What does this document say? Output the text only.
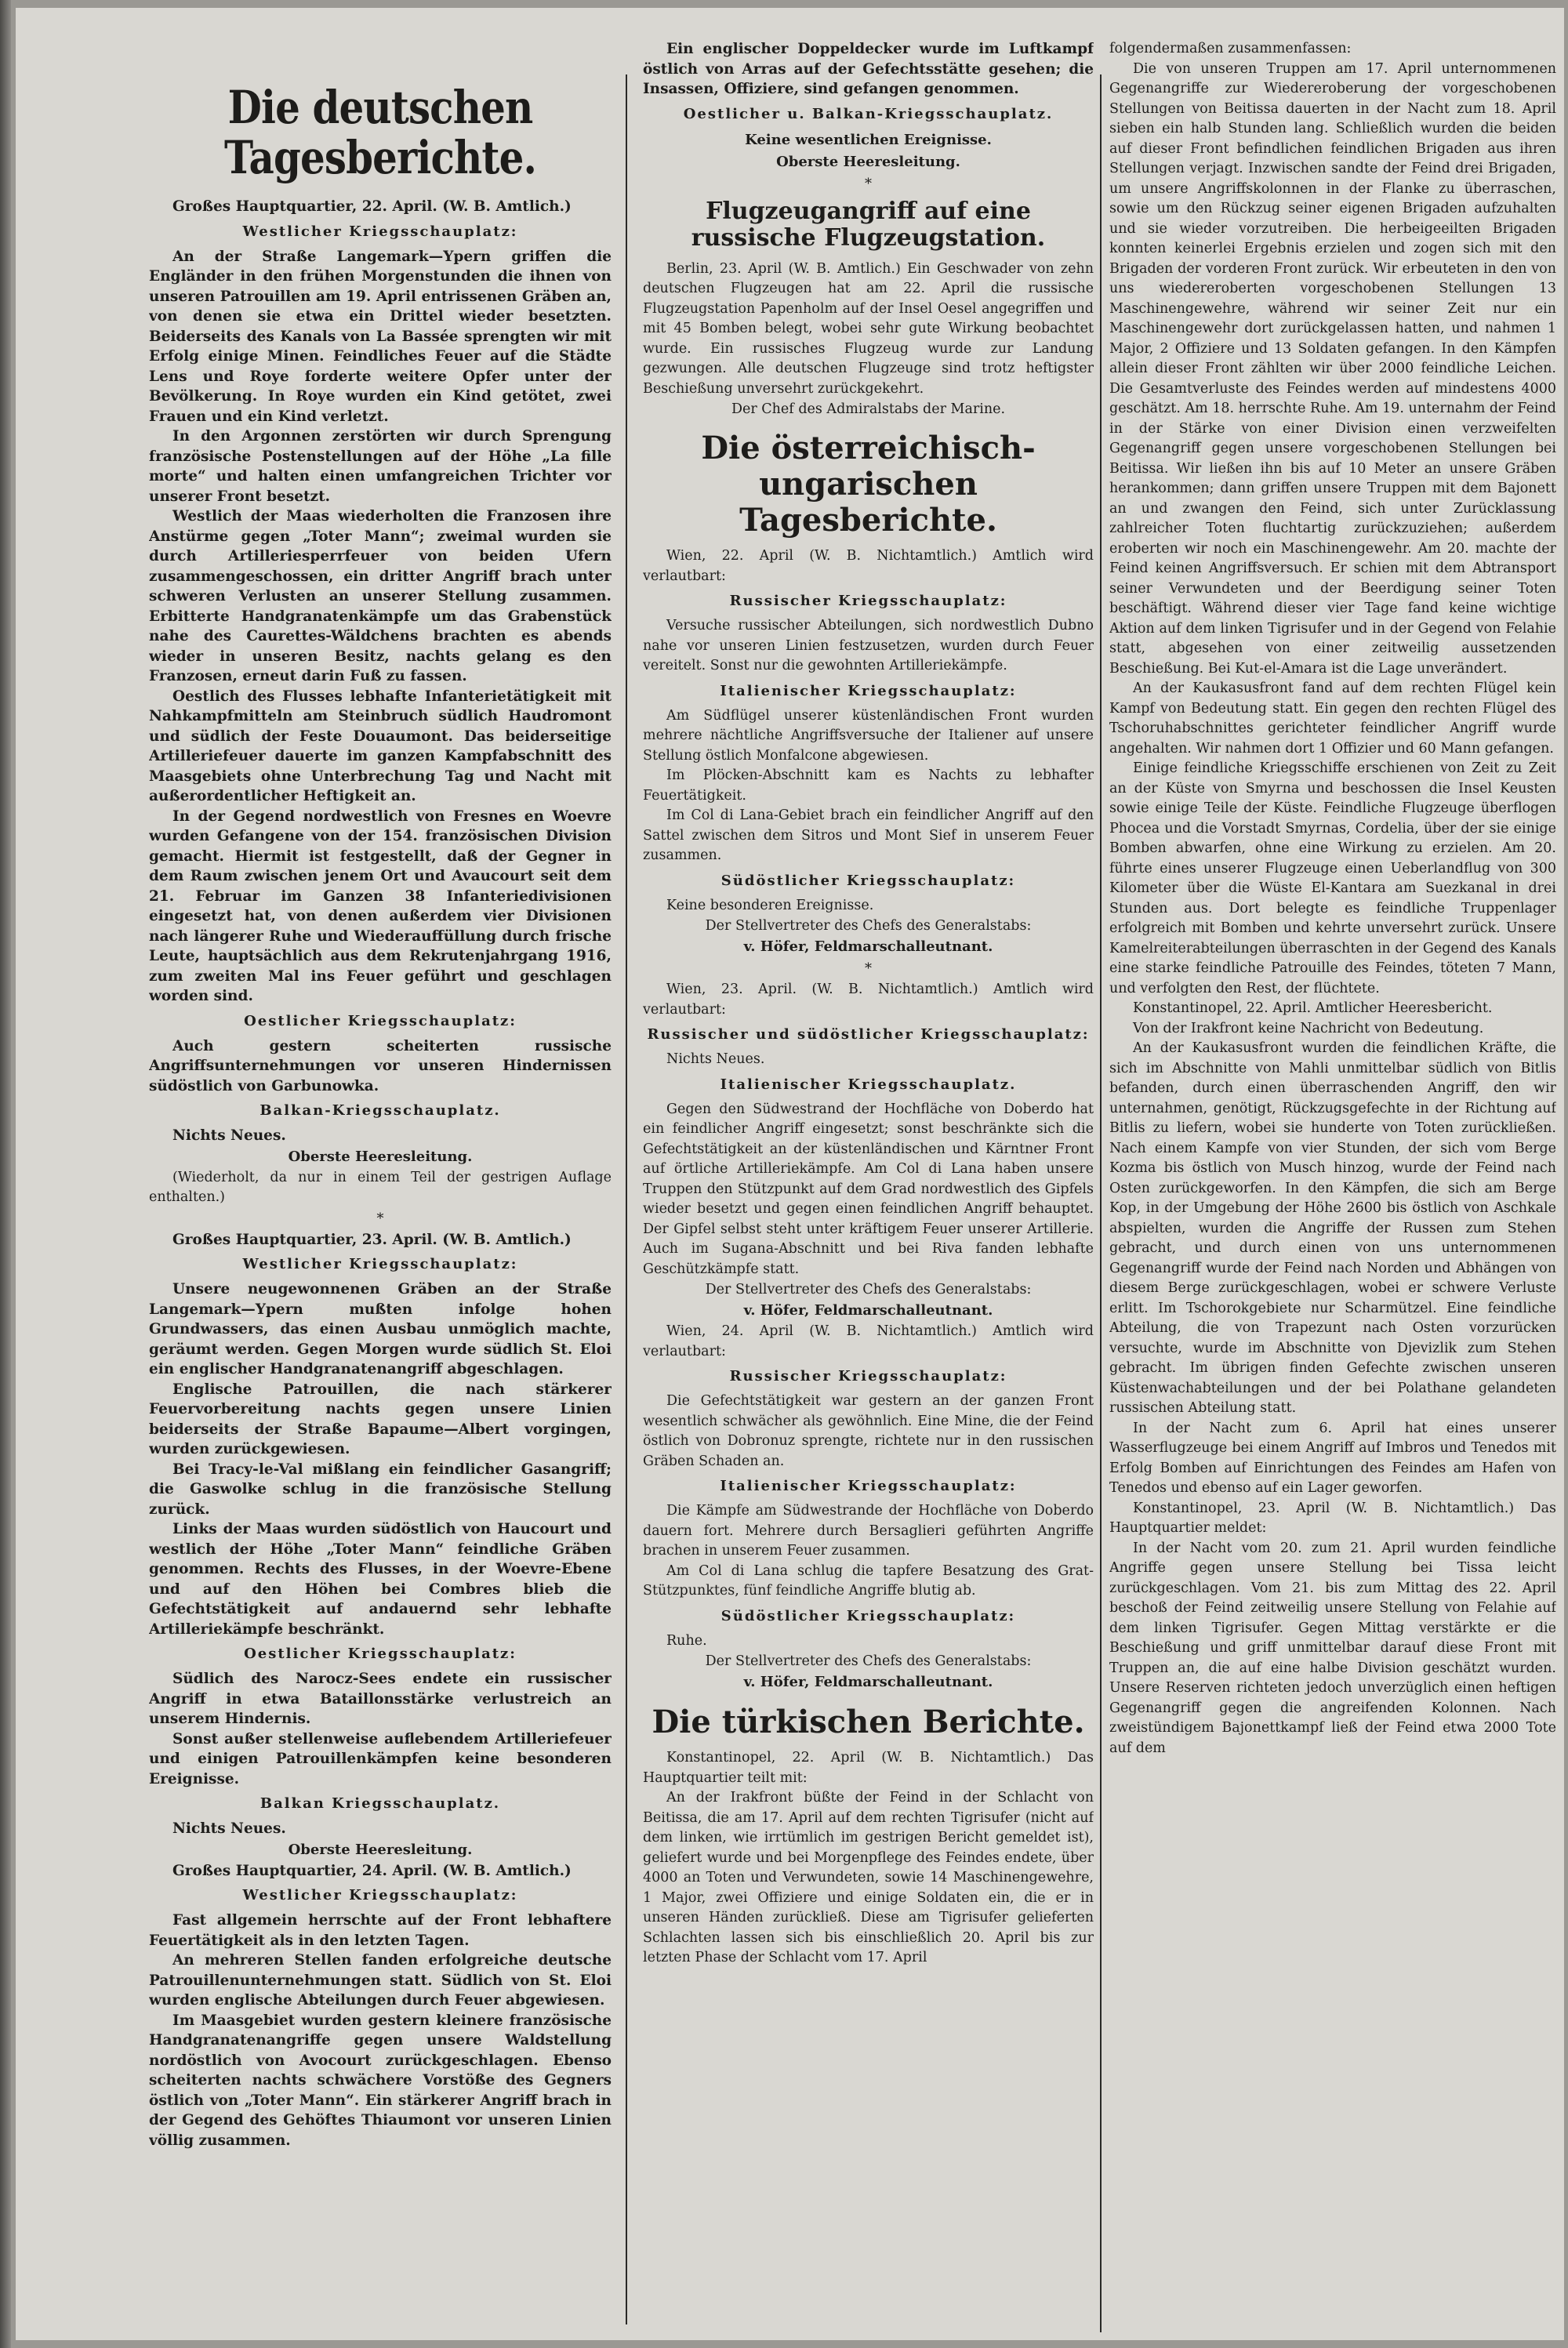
Die deutschen Tagesberichte.

Großes Hauptquartier, 22. April. (W. B. Amtlich.)

Westlicher Kriegsschauplatz:

An der Straße Langemark—Ypern griffen die Engländer in den frühen Morgenstunden die ihnen von unseren Patrouillen am 19. April entrissenen Gräben an, von denen sie etwa ein Drittel wieder besetzten. Beiderseits des Kanals von La Bassée sprengten wir mit Erfolg einige Minen. Feindliches Feuer auf die Städte Lens und Roye forderte weitere Opfer unter der Bevölkerung. In Roye wurden ein Kind getötet, zwei Frauen und ein Kind verletzt.

In den Argonnen zerstörten wir durch Sprengung französische Postenstellungen auf der Höhe „La fille morte“ und halten einen umfangreichen Trichter vor unserer Front besetzt.

Westlich der Maas wiederholten die Franzosen ihre Anstürme gegen „Toter Mann“; zweimal wurden sie durch Artilleriesperrfeuer von beiden Ufern zusammengeschossen, ein dritter Angriff brach unter schweren Verlusten an unserer Stellung zusammen. Erbitterte Handgranatenkämpfe um das Grabenstück nahe des Caurettes-Wäldchens brachten es abends wieder in unseren Besitz, nachts gelang es den Franzosen, erneut darin Fuß zu fassen.

Oestlich des Flusses lebhafte Infanterietätigkeit mit Nahkampfmitteln am Steinbruch südlich Haudromont und südlich der Feste Douaumont. Das beiderseitige Artilleriefeuer dauerte im ganzen Kampfabschnitt des Maasgebiets ohne Unterbrechung Tag und Nacht mit außerordentlicher Heftigkeit an.

In der Gegend nordwestlich von Fresnes en Woevre wurden Gefangene von der 154. französischen Division gemacht. Hiermit ist festgestellt, daß der Gegner in dem Raum zwischen jenem Ort und Avaucourt seit dem 21. Februar im Ganzen 38 Infanteriedivisionen eingesetzt hat, von denen außerdem vier Divisionen nach längerer Ruhe und Wiederauffüllung durch frische Leute, hauptsächlich aus dem Rekrutenjahrgang 1916, zum zweiten Mal ins Feuer geführt und geschlagen worden sind.

Oestlicher Kriegsschauplatz:

Auch gestern scheiterten russische Angriffsunternehmungen vor unseren Hindernissen südöstlich von Garbunowka.

Balkan-Kriegsschauplatz.

Nichts Neues.

Oberste Heeresleitung.

(Wiederholt, da nur in einem Teil der gestrigen Auflage enthalten.)

*

Großes Hauptquartier, 23. April. (W. B. Amtlich.)

Westlicher Kriegsschauplatz:

Unsere neugewonnenen Gräben an der Straße Langemark—Ypern mußten infolge hohen Grundwassers, das einen Ausbau unmöglich machte, geräumt werden. Gegen Morgen wurde südlich St. Eloi ein englischer Handgranatenangriff abgeschlagen.

Englische Patrouillen, die nach stärkerer Feuervorbereitung nachts gegen unsere Linien beiderseits der Straße Bapaume—Albert vorgingen, wurden zurückgewiesen.

Bei Tracy-le-Val mißlang ein feindlicher Gasangriff; die Gaswolke schlug in die französische Stellung zurück.

Links der Maas wurden südöstlich von Haucourt und westlich der Höhe „Toter Mann“ feindliche Gräben genommen. Rechts des Flusses, in der Woevre-Ebene und auf den Höhen bei Combres blieb die Gefechtstätigkeit auf andauernd sehr lebhafte Artilleriekämpfe beschränkt.

Oestlicher Kriegsschauplatz:

Südlich des Narocz-Sees endete ein russischer Angriff in etwa Bataillonsstärke verlustreich an unserem Hindernis.

Sonst außer stellenweise auflebendem Artilleriefeuer und einigen Patrouillenkämpfen keine besonderen Ereignisse.

Balkan Kriegsschauplatz.

Nichts Neues.

Oberste Heeresleitung.

Großes Hauptquartier, 24. April. (W. B. Amtlich.)

Westlicher Kriegsschauplatz:

Fast allgemein herrschte auf der Front lebhaftere Feuertätigkeit als in den letzten Tagen.

An mehreren Stellen fanden erfolgreiche deutsche Patrouillenunternehmungen statt. Südlich von St. Eloi wurden englische Abteilungen durch Feuer abgewiesen.

Im Maasgebiet wurden gestern kleinere französische Handgranatenangriffe gegen unsere Waldstellung nordöstlich von Avocourt zurückgeschlagen. Ebenso scheiterten nachts schwächere Vorstöße des Gegners östlich von „Toter Mann“. Ein stärkerer Angriff brach in der Gegend des Gehöftes Thiaumont vor unseren Linien völlig zusammen.

Ein englischer Doppeldecker wurde im Luftkampf östlich von Arras auf der Gefechtsstätte gesehen; die Insassen, Offiziere, sind gefangen genommen.

Oestlicher u. Balkan-Kriegsschauplatz.
Keine wesentlichen Ereignisse.
Oberste Heeresleitung.
*
Flugzeugangriff auf eine russische Flugzeugstation.

Berlin, 23. April (W. B. Amtlich.) Ein Geschwader von zehn deutschen Flugzeugen hat am 22. April die russische Flugzeugstation Papenholm auf der Insel Oesel angegriffen und mit 45 Bomben belegt, wobei sehr gute Wirkung beobachtet wurde. Ein russisches Flugzeug wurde zur Landung gezwungen. Alle deutschen Flugzeuge sind trotz heftigster Beschießung unversehrt zurückgekehrt.

Der Chef des Admiralstabs der Marine.
Die österreichisch-ungarischen Tagesberichte.

Wien, 22. April (W. B. Nichtamtlich.) Amtlich wird verlautbart:

Russischer Kriegsschauplatz:

Versuche russischer Abteilungen, sich nordwestlich Dubno nahe vor unseren Linien festzusetzen, wurden durch Feuer vereitelt. Sonst nur die gewohnten Artilleriekämpfe.

Italienischer Kriegsschauplatz:

Am Südflügel unserer küstenländischen Front wurden mehrere nächtliche Angriffsversuche der Italiener auf unsere Stellung östlich Monfalcone abgewiesen.

Im Plöcken-Abschnitt kam es Nachts zu lebhafter Feuertätigkeit.

Im Col di Lana-Gebiet brach ein feindlicher Angriff auf den Sattel zwischen dem Sitros und Mont Sief in unserem Feuer zusammen.

Südöstlicher Kriegsschauplatz:

Keine besonderen Ereignisse.

Der Stellvertreter des Chefs des Generalstabs:
v. Höfer, Feldmarschalleutnant.
*

Wien, 23. April. (W. B. Nichtamtlich.) Amtlich wird verlautbart:

Russischer und südöstlicher Kriegsschauplatz:

Nichts Neues.

Italienischer Kriegsschauplatz.

Gegen den Südwestrand der Hochfläche von Doberdo hat ein feindlicher Angriff eingesetzt; sonst beschränkte sich die Gefechtstätigkeit an der küstenländischen und Kärntner Front auf örtliche Artilleriekämpfe. Am Col di Lana haben unsere Truppen den Stützpunkt auf dem Grad nordwestlich des Gipfels wieder besetzt und gegen einen feindlichen Angriff behauptet. Der Gipfel selbst steht unter kräftigem Feuer unserer Artillerie. Auch im Sugana-Abschnitt und bei Riva fanden lebhafte Geschützkämpfe statt.

Der Stellvertreter des Chefs des Generalstabs:
v. Höfer, Feldmarschalleutnant.

Wien, 24. April (W. B. Nichtamtlich.) Amtlich wird verlautbart:

Russischer Kriegsschauplatz:

Die Gefechtstätigkeit war gestern an der ganzen Front wesentlich schwächer als gewöhnlich. Eine Mine, die der Feind östlich von Dobronuz sprengte, richtete nur in den russischen Gräben Schaden an.

Italienischer Kriegsschauplatz:

Die Kämpfe am Südwestrande der Hochfläche von Doberdo dauern fort. Mehrere durch Bersaglieri geführten Angriffe brachen in unserem Feuer zusammen.

Am Col di Lana schlug die tapfere Besatzung des Grat-Stützpunktes, fünf feindliche Angriffe blutig ab.

Südöstlicher Kriegsschauplatz:

Ruhe.

Der Stellvertreter des Chefs des Generalstabs:
v. Höfer, Feldmarschalleutnant.
Die türkischen Berichte.

Konstantinopel, 22. April (W. B. Nichtamtlich.) Das Hauptquartier teilt mit:

An der Irakfront büßte der Feind in der Schlacht von Beitissa, die am 17. April auf dem rechten Tigrisufer (nicht auf dem linken, wie irrtümlich im gestrigen Bericht gemeldet ist), geliefert wurde und bei Morgenpflege des Feindes endete, über 4000 an Toten und Verwundeten, sowie 14 Maschinengewehre, 1 Major, zwei Offiziere und einige Soldaten ein, die er in unseren Händen zurückließ. Diese am Tigrisufer gelieferten Schlachten lassen sich bis einschließlich 20. April bis zur letzten Phase der Schlacht vom 17. April

folgendermaßen zusammenfassen:

Die von unseren Truppen am 17. April unternommenen Gegenangriffe zur Wiedereroberung der vorgeschobenen Stellungen von Beitissa dauerten in der Nacht zum 18. April sieben ein halb Stunden lang. Schließlich wurden die beiden auf dieser Front befindlichen feindlichen Brigaden aus ihren Stellungen verjagt. Inzwischen sandte der Feind drei Brigaden, um unsere Angriffskolonnen in der Flanke zu überraschen, sowie um den Rückzug seiner eigenen Brigaden aufzuhalten und sie wieder vorzutreiben. Die herbeigeeilten Brigaden konnten keinerlei Ergebnis erzielen und zogen sich mit den Brigaden der vorderen Front zurück. Wir erbeuteten in den von uns wiedereroberten vorgeschobenen Stellungen 13 Maschinengewehre, während wir seiner Zeit nur ein Maschinengewehr dort zurückgelassen hatten, und nahmen 1 Major, 2 Offiziere und 13 Soldaten gefangen. In den Kämpfen allein dieser Front zählten wir über 2000 feindliche Leichen. Die Gesamtverluste des Feindes werden auf mindestens 4000 geschätzt. Am 18. herrschte Ruhe. Am 19. unternahm der Feind in der Stärke von einer Division einen verzweifelten Gegenangriff gegen unsere vorgeschobenen Stellungen bei Beitissa. Wir ließen ihn bis auf 10 Meter an unsere Gräben herankommen; dann griffen unsere Truppen mit dem Bajonett an und zwangen den Feind, sich unter Zurücklassung zahlreicher Toten fluchtartig zurückzuziehen; außerdem eroberten wir noch ein Maschinengewehr. Am 20. machte der Feind keinen Angriffsversuch. Er schien mit dem Abtransport seiner Verwundeten und der Beerdigung seiner Toten beschäftigt. Während dieser vier Tage fand keine wichtige Aktion auf dem linken Tigrisufer und in der Gegend von Felahie statt, abgesehen von einer zeitweilig aussetzenden Beschießung. Bei Kut-el-Amara ist die Lage unverändert.

An der Kaukasusfront fand auf dem rechten Flügel kein Kampf von Bedeutung statt. Ein gegen den rechten Flügel des Tschoruhabschnittes gerichteter feindlicher Angriff wurde angehalten. Wir nahmen dort 1 Offizier und 60 Mann gefangen.

Einige feindliche Kriegsschiffe erschienen von Zeit zu Zeit an der Küste von Smyrna und beschossen die Insel Keusten sowie einige Teile der Küste. Feindliche Flugzeuge überflogen Phocea und die Vorstadt Smyrnas, Cordelia, über der sie einige Bomben abwarfen, ohne eine Wirkung zu erzielen. Am 20. führte eines unserer Flugzeuge einen Ueberlandflug von 300 Kilometer über die Wüste El-Kantara am Suezkanal in drei Stunden aus. Dort belegte es feindliche Truppenlager erfolgreich mit Bomben und kehrte unversehrt zurück. Unsere Kamelreiterabteilungen überraschten in der Gegend des Kanals eine starke feindliche Patrouille des Feindes, töteten 7 Mann, und verfolgten den Rest, der flüchtete.

Konstantinopel, 22. April. Amtlicher Heeresbericht.

Von der Irakfront keine Nachricht von Bedeutung.

An der Kaukasusfront wurden die feindlichen Kräfte, die sich im Abschnitte von Mahli unmittelbar südlich von Bitlis befanden, durch einen überraschenden Angriff, den wir unternahmen, genötigt, Rückzugsgefechte in der Richtung auf Bitlis zu liefern, wobei sie hunderte von Toten zurückließen. Nach einem Kampfe von vier Stunden, der sich vom Berge Kozma bis östlich von Musch hinzog, wurde der Feind nach Osten zurückgeworfen. In den Kämpfen, die sich am Berge Kop, in der Umgebung der Höhe 2600 bis östlich von Aschkale abspielten, wurden die Angriffe der Russen zum Stehen gebracht, und durch einen von uns unternommenen Gegenangriff wurde der Feind nach Norden und Abhängen von diesem Berge zurückgeschlagen, wobei er schwere Verluste erlitt. Im Tschorokgebiete nur Scharmützel. Eine feindliche Abteilung, die von Trapezunt nach Osten vorzurücken versuchte, wurde im Abschnitte von Djevizlik zum Stehen gebracht. Im übrigen finden Gefechte zwischen unseren Küstenwachabteilungen und der bei Polathane gelandeten russischen Abteilung statt.

In der Nacht zum 6. April hat eines unserer Wasserflugzeuge bei einem Angriff auf Imbros und Tenedos mit Erfolg Bomben auf Einrichtungen des Feindes am Hafen von Tenedos und ebenso auf ein Lager geworfen.

Konstantinopel, 23. April (W. B. Nichtamtlich.) Das Hauptquartier meldet:

In der Nacht vom 20. zum 21. April wurden feindliche Angriffe gegen unsere Stellung bei Tissa leicht zurückgeschlagen. Vom 21. bis zum Mittag des 22. April beschoß der Feind zeitweilig unsere Stellung von Felahie auf dem linken Tigrisufer. Gegen Mittag verstärkte er die Beschießung und griff unmittelbar darauf diese Front mit Truppen an, die auf eine halbe Division geschätzt wurden. Unsere Reserven richteten jedoch unverzüglich einen heftigen Gegenangriff gegen die angreifenden Kolonnen. Nach zweistündigem Bajonettkampf ließ der Feind etwa 2000 Tote auf dem
